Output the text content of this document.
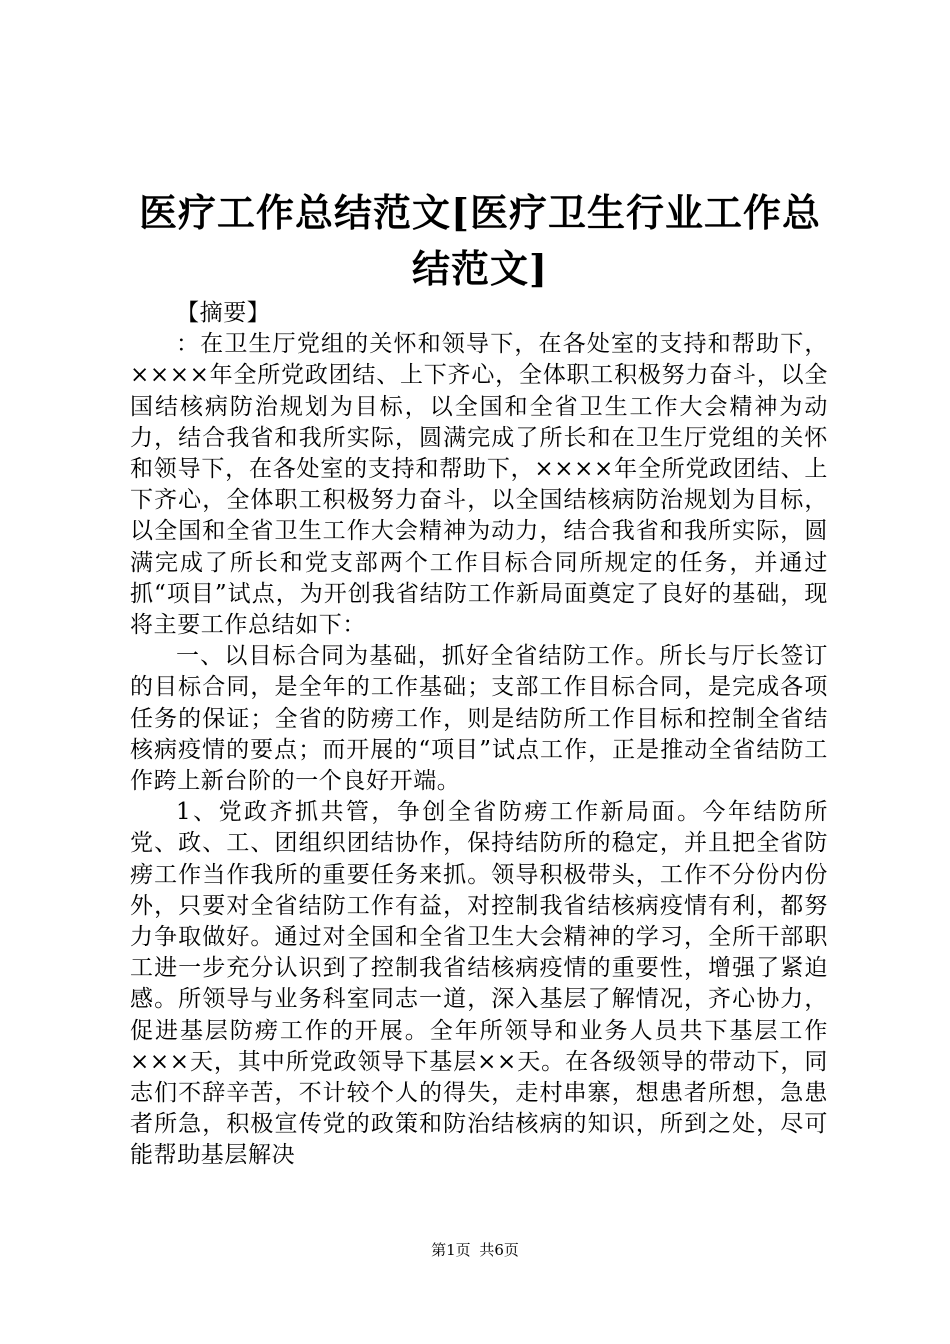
医疗工作总结范文[医疗卫生行业工作总结范文]

【摘要】

：在卫生厅党组的关怀和领导下，在各处室的支持和帮助下，××××年全所党政团结、上下齐心，全体职工积极努力奋斗，以全国结核病防治规划为目标，以全国和全省卫生工作大会精神为动力，结合我省和我所实际，圆满完成了所长和在卫生厅党组的关怀和领导下，在各处室的支持和帮助下，××××年全所党政团结、上下齐心，全体职工积极努力奋斗，以全国结核病防治规划为目标，以全国和全省卫生工作大会精神为动力，结合我省和我所实际，圆满完成了所长和党支部两个工作目标合同所规定的任务，并通过抓“项目”试点，为开创我省结防工作新局面奠定了良好的基础，现将主要工作总结如下：

一、以目标合同为基础，抓好全省结防工作。所长与厅长签订的目标合同，是全年的工作基础；支部工作目标合同，是完成各项任务的保证；全省的防痨工作，则是结防所工作目标和控制全省结核病疫情的要点；而开展的“项目”试点工作，正是推动全省结防工作跨上新台阶的一个良好开端。

1、党政齐抓共管，争创全省防痨工作新局面。今年结防所党、政、工、团组织团结协作，保持结防所的稳定，并且把全省防痨工作当作我所的重要任务来抓。领导积极带头，工作不分份内份外，只要对全省结防工作有益，对控制我省结核病疫情有利，都努力争取做好。通过对全国和全省卫生大会精神的学习，全所干部职工进一步充分认识到了控制我省结核病疫情的重要性，增强了紧迫感。所领导与业务科室同志一道，深入基层了解情况，齐心协力，促进基层防痨工作的开展。全年所领导和业务人员共下基层工作×××天，其中所党政领导下基层××天。在各级领导的带动下，同志们不辞辛苦，不计较个人的得失，走村串寨，想患者所想，急患者所急，积极宣传党的政策和防治结核病的知识，所到之处，尽可能帮助基层解决

第1页 共6页
